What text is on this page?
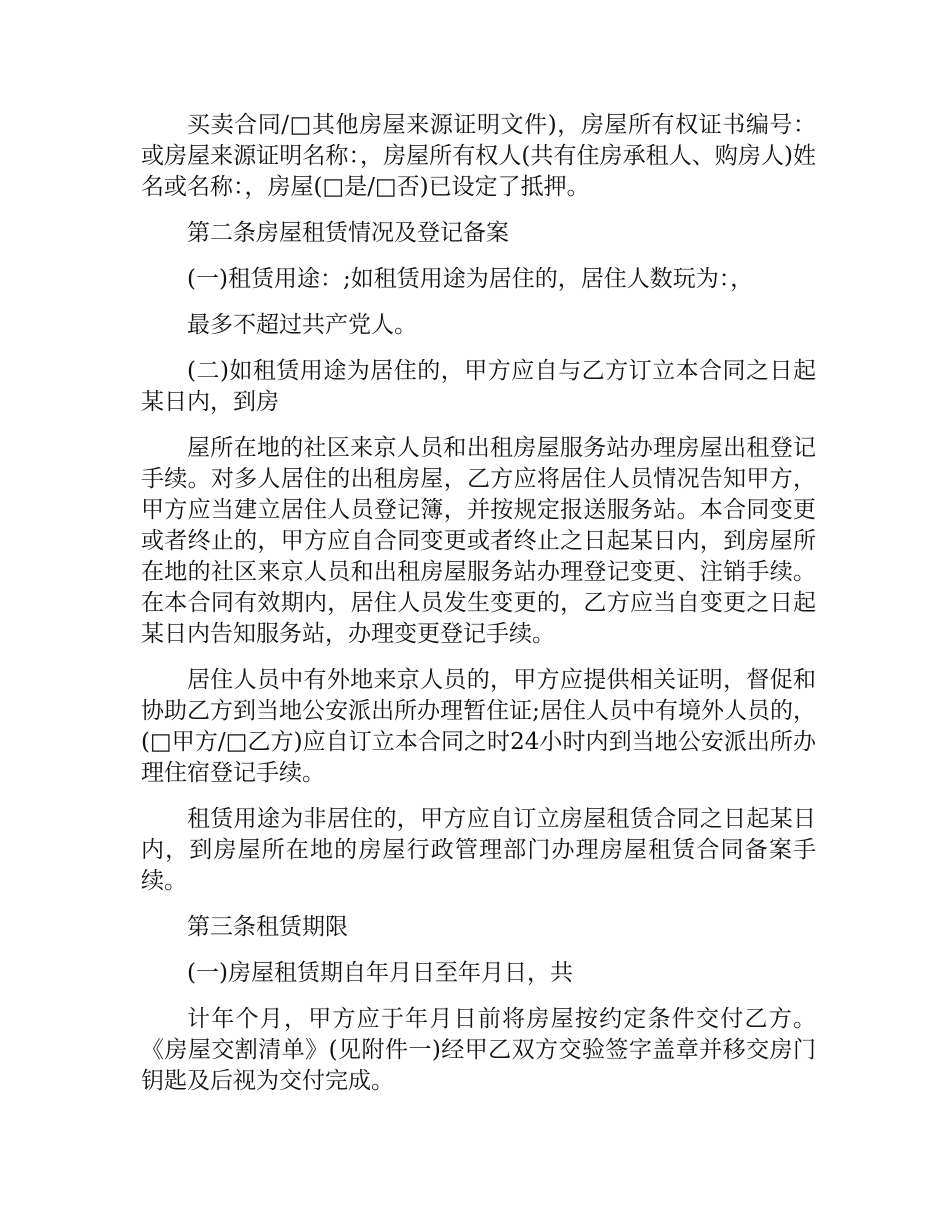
买卖合同/□其他房屋来源证明文件)，房屋所有权证书编号：或房屋来源证明名称：，房屋所有权人(共有住房承租人、购房人)姓名或名称：，房屋(□是/□否)已设定了抵押。

第二条房屋租赁情况及登记备案

(一)租赁用途：;如租赁用途为居住的，居住人数玩为：，

最多不超过共产党人。

(二)如租赁用途为居住的，甲方应自与乙方订立本合同之日起某日内，到房

屋所在地的社区来京人员和出租房屋服务站办理房屋出租登记手续。对多人居住的出租房屋，乙方应将居住人员情况告知甲方，甲方应当建立居住人员登记簿，并按规定报送服务站。本合同变更或者终止的，甲方应自合同变更或者终止之日起某日内，到房屋所在地的社区来京人员和出租房屋服务站办理登记变更、注销手续。在本合同有效期内，居住人员发生变更的，乙方应当自变更之日起某日内告知服务站，办理变更登记手续。

居住人员中有外地来京人员的，甲方应提供相关证明，督促和协助乙方到当地公安派出所办理暂住证;居住人员中有境外人员的，(□甲方/□乙方)应自订立本合同之时24小时内到当地公安派出所办理住宿登记手续。

租赁用途为非居住的，甲方应自订立房屋租赁合同之日起某日内，到房屋所在地的房屋行政管理部门办理房屋租赁合同备案手续。

第三条租赁期限

(一)房屋租赁期自年月日至年月日，共

计年个月，甲方应于年月日前将房屋按约定条件交付乙方。《房屋交割清单》(见附件一)经甲乙双方交验签字盖章并移交房门钥匙及后视为交付完成。
